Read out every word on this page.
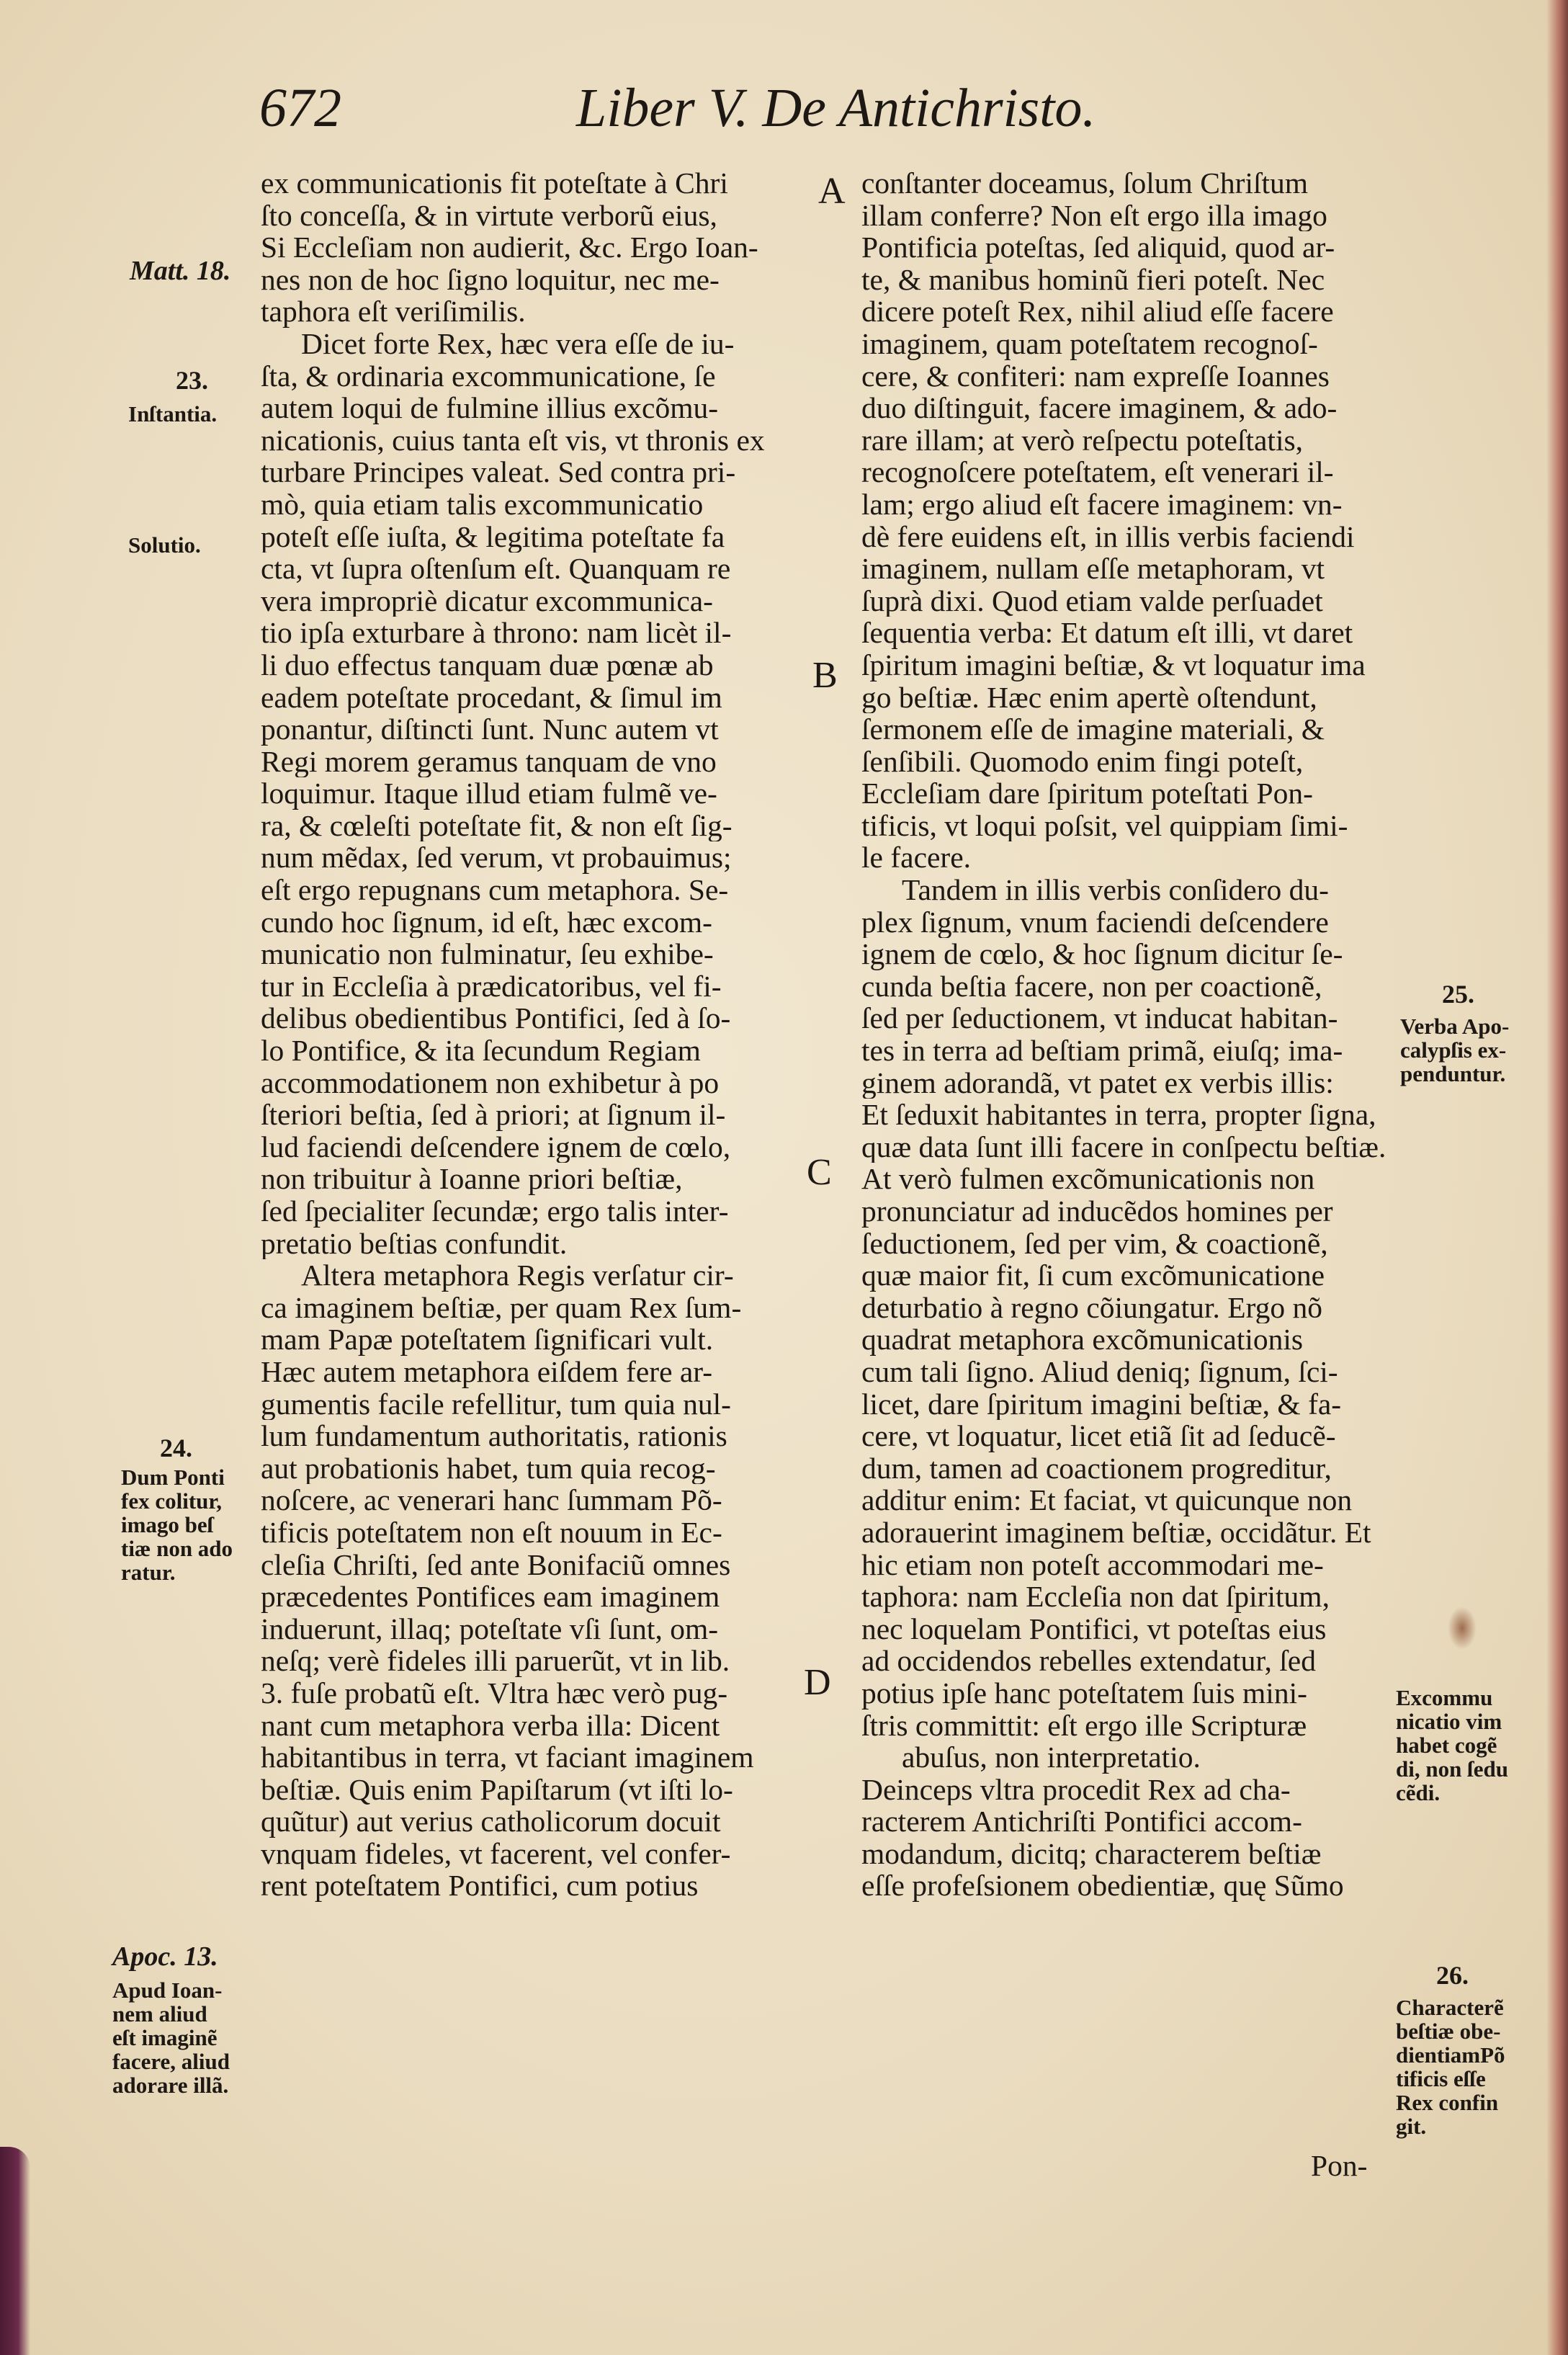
672	Liber V. De Antichristo.
A
B
C
D
Matt. 18.
23.
Inſtantia.
Solutio.
24.
Dum Ponti
fex colitur,
imago beſ
tiæ non ado
ratur.
Apoc. 13.
Apud Ioan-
nem aliud
eſt imaginẽ
facere, aliud
adorare illã.
25.
Verba Apo-
calypſis ex-
penduntur.
Excommu
nicatio vim
habet cogẽ
di, non ſedu
cẽdi.
26.
Characterẽ
beſtiæ obe-
dientiamPõ
tificis eſſe
Rex confin
git.
ex communicationis fit poteſtate à Chri
ſto conceſſa, & in virtute verborũ eius,
Si Eccleſiam non audierit, &c. Ergo Ioan-
nes non de hoc ſigno loquitur, nec me-
taphora eſt veriſimilis.
Dicet forte Rex, hæc vera eſſe de iu-
ſta, & ordinaria excommunicatione, ſe
autem loqui de fulmine illius excõmu-
nicationis, cuius tanta eſt vis, vt thronis ex
turbare Principes valeat. Sed contra pri-
mò, quia etiam talis excommunicatio
poteſt eſſe iuſta, & legitima poteſtate fa
cta, vt ſupra oſtenſum eſt. Quanquam re
vera impropriè dicatur excommunica-
tio ipſa exturbare à throno: nam licèt il-
li duo effectus tanquam duæ pœnæ ab
eadem poteſtate procedant, & ſimul im
ponantur, diſtincti ſunt. Nunc autem vt
Regi morem geramus tanquam de vno
loquimur. Itaque illud etiam fulmẽ ve-
ra, & cœleſti poteſtate fit, & non eſt ſig-
num mẽdax, ſed verum, vt probauimus;
eſt ergo repugnans cum metaphora. Se-
cundo hoc ſignum, id eſt, hæc excom-
municatio non fulminatur, ſeu exhibe-
tur in Eccleſia à prædicatoribus, vel fi-
delibus obedientibus Pontifici, ſed à ſo-
lo Pontifice, & ita ſecundum Regiam
accommodationem non exhibetur à po
ſteriori beſtia, ſed à priori; at ſignum il-
lud faciendi deſcendere ignem de cœlo,
non tribuitur à Ioanne priori beſtiæ,
ſed ſpecialiter ſecundæ; ergo talis inter-
pretatio beſtias confundit.
Altera metaphora Regis verſatur cir-
ca imaginem beſtiæ, per quam Rex ſum-
mam Papæ poteſtatem ſignificari vult.
Hæc autem metaphora eiſdem fere ar-
gumentis facile refellitur, tum quia nul-
lum fundamentum authoritatis, rationis
aut probationis habet, tum quia recog-
noſcere, ac venerari hanc ſummam Põ-
tificis poteſtatem non eſt nouum in Ec-
cleſia Chriſti, ſed ante Bonifaciũ omnes
præcedentes Pontifices eam imaginem
induerunt, illaq; poteſtate vſi ſunt, om-
neſq; verè fideles illi paruerũt, vt in lib.
3. fuſe probatũ eſt. Vltra hæc verò pug-
nant cum metaphora verba illa: Dicent
habitantibus in terra, vt faciant imaginem
beſtiæ. Quis enim Papiſtarum (vt iſti lo-
quũtur) aut verius catholicorum docuit
vnquam fideles, vt facerent, vel confer-
rent poteſtatem Pontifici, cum potius
conſtanter doceamus, ſolum Chriſtum
illam conferre? Non eſt ergo illa imago
Pontificia poteſtas, ſed aliquid, quod ar-
te, & manibus hominũ fieri poteſt. Nec
dicere poteſt Rex, nihil aliud eſſe facere
imaginem, quam poteſtatem recognoſ-
cere, & confiteri: nam expreſſe Ioannes
duo diſtinguit, facere imaginem, & ado-
rare illam; at verò reſpectu poteſtatis,
recognoſcere poteſtatem, eſt venerari il-
lam; ergo aliud eſt facere imaginem: vn-
dè fere euidens eſt, in illis verbis faciendi
imaginem, nullam eſſe metaphoram, vt
ſuprà dixi. Quod etiam valde perſuadet
ſequentia verba: Et datum eſt illi, vt daret
ſpiritum imagini beſtiæ, & vt loquatur ima
go beſtiæ. Hæc enim apertè oſtendunt,
ſermonem eſſe de imagine materiali, &
ſenſibili. Quomodo enim fingi poteſt,
Eccleſiam dare ſpiritum poteſtati Pon-
tificis, vt loqui poſsit, vel quippiam ſimi-
le facere.
Tandem in illis verbis conſidero du-
plex ſignum, vnum faciendi deſcendere
ignem de cœlo, & hoc ſignum dicitur ſe-
cunda beſtia facere, non per coactionẽ,
ſed per ſeductionem, vt inducat habitan-
tes in terra ad beſtiam primã, eiuſq; ima-
ginem adorandã, vt patet ex verbis illis:
Et ſeduxit habitantes in terra, propter ſigna,
quæ data ſunt illi facere in conſpectu beſtiæ.
At verò fulmen excõmunicationis non
pronunciatur ad inducẽdos homines per
ſeductionem, ſed per vim, & coactionẽ,
quæ maior fit, ſi cum excõmunicatione
deturbatio à regno cõiungatur. Ergo nõ
quadrat metaphora excõmunicationis
cum tali ſigno. Aliud deniq; ſignum, ſci-
licet, dare ſpiritum imagini beſtiæ, & fa-
cere, vt loquatur, licet etiã ſit ad ſeducẽ-
dum, tamen ad coactionem progreditur,
additur enim: Et faciat, vt quicunque non
adorauerint imaginem beſtiæ, occidãtur. Et
hic etiam non poteſt accommodari me-
taphora: nam Eccleſia non dat ſpiritum,
nec loquelam Pontifici, vt poteſtas eius
ad occidendos rebelles extendatur, ſed
potius ipſe hanc poteſtatem ſuis mini-
ſtris committit: eſt ergo ille Scripturæ
abuſus, non interpretatio.
Deinceps vltra procedit Rex ad cha-
racterem Antichriſti Pontifici accom-
modandum, dicitq; characterem beſtiæ
eſſe profeſsionem obedientiæ, quę Sũmo
Pon-
